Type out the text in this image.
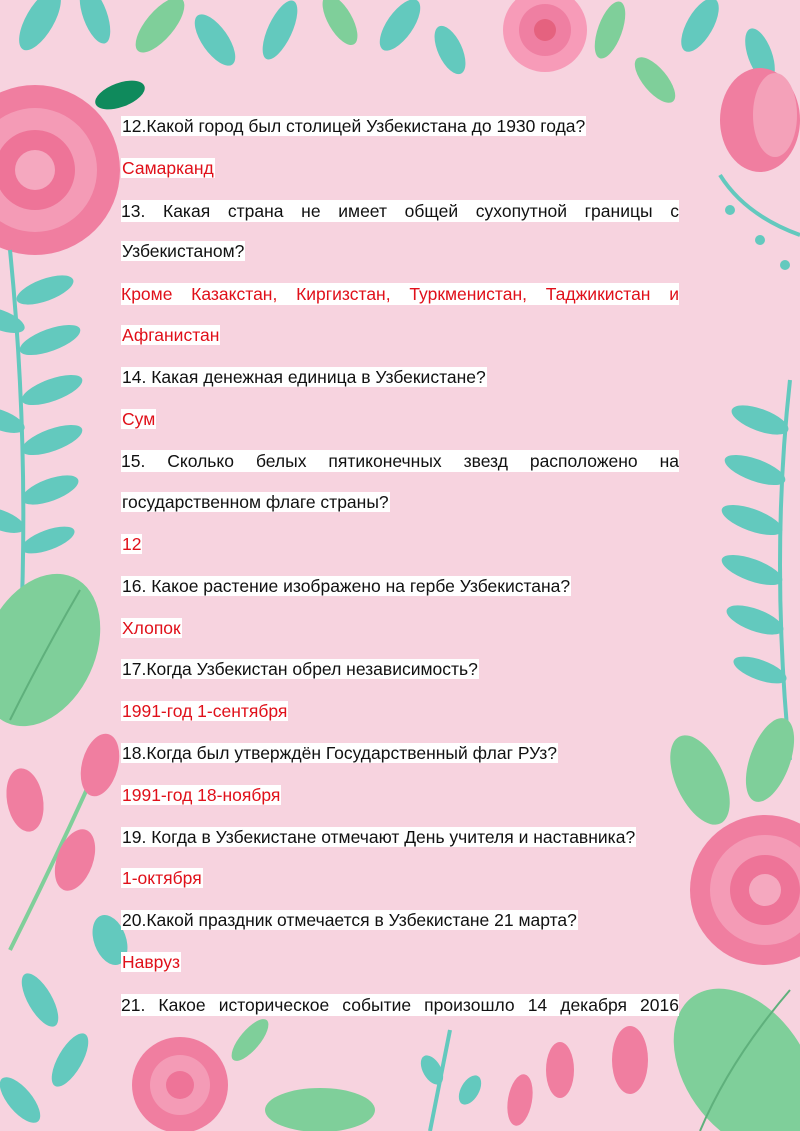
12.Какой город был столицей Узбекистана до 1930 года?
Самарканд
13. Какая страна не имеет общей сухопутной границы с
Узбекистаном?
Кроме Казакстан, Киргизстан, Туркменистан, Таджикистан и
Афганистан
14. Какая денежная единица в Узбекистане?
Сум
15. Сколько белых пятиконечных звезд расположено на
государственном флаге страны?
12
16. Какое растение изображено на гербе Узбекистана?
Хлопок
17.Когда Узбекистан обрел независимость?
1991-год 1-сентября
18.Когда был утверждён Государственный флаг РУз?
1991-год 18-ноября
19. Когда в Узбекистане отмечают День учителя и наставника?
1-октября
20.Какой праздник отмечается в Узбекистане 21 марта?
Навруз
21. Какое историческое событие произошло 14 декабря 2016
